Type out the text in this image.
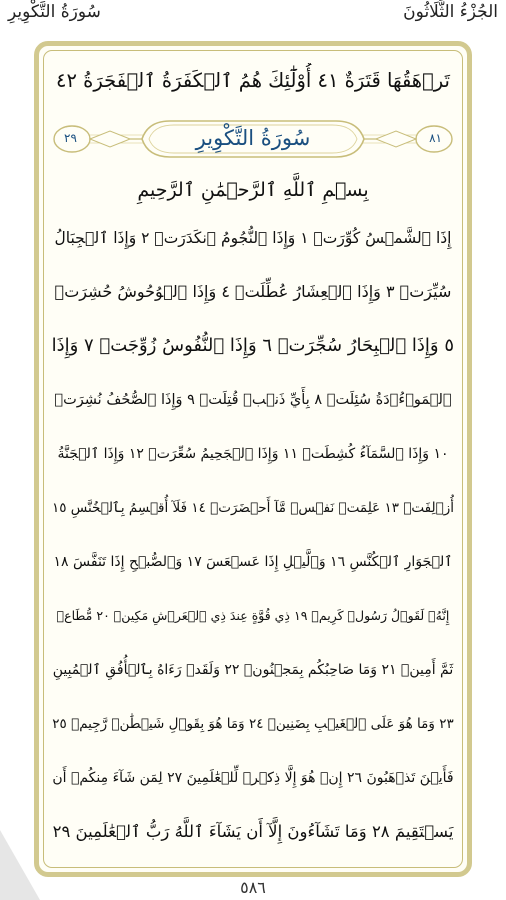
سُورَةُ التَّكْوِيرِ	الجُزْءُ الثَّلَاثُونَ
تَرۡهَقُهَا قَتَرَةٌ ٤١ أُوْلَٰٓئِكَ هُمُ ٱلۡكَفَرَةُ ٱلۡفَجَرَةُ ٤٢
٢٩	سُورَةُ التَّكْوِيرِ	٨١
بِسۡمِ ٱللَّهِ ٱلرَّحۡمَٰنِ ٱلرَّحِيمِ
إِذَا ٱلشَّمۡسُ كُوِّرَتۡ ١ وَإِذَا ٱلنُّجُومُ ٱنكَدَرَتۡ ٢ وَإِذَا ٱلۡجِبَالُ
سُيِّرَتۡ ٣ وَإِذَا ٱلۡعِشَارُ عُطِّلَتۡ ٤ وَإِذَا ٱلۡوُحُوشُ حُشِرَتۡ
٥ وَإِذَا ٱلۡبِحَارُ سُجِّرَتۡ ٦ وَإِذَا ٱلنُّفُوسُ زُوِّجَتۡ ٧ وَإِذَا
ٱلۡمَوۡءُۥدَةُ سُئِلَتۡ ٨ بِأَيِّ ذَنۢبٖ قُتِلَتۡ ٩ وَإِذَا ٱلصُّحُفُ نُشِرَتۡ
١٠ وَإِذَا ٱلسَّمَآءُ كُشِطَتۡ ١١ وَإِذَا ٱلۡجَحِيمُ سُعِّرَتۡ ١٢ وَإِذَا ٱلۡجَنَّةُ
أُزۡلِفَتۡ ١٣ عَلِمَتۡ نَفۡسٞ مَّآ أَحۡضَرَتۡ ١٤ فَلَآ أُقۡسِمُ بِٱلۡخُنَّسِ ١٥
ٱلۡجَوَارِ ٱلۡكُنَّسِ ١٦ وَٱلَّيۡلِ إِذَا عَسۡعَسَ ١٧ وَٱلصُّبۡحِ إِذَا تَنَفَّسَ ١٨
إِنَّهُۥ لَقَوۡلُ رَسُولٖ كَرِيمٖ ١٩ ذِي قُوَّةٍ عِندَ ذِي ٱلۡعَرۡشِ مَكِينٖ ٢٠ مُّطَاعٖ
ثَمَّ أَمِينٖ ٢١ وَمَا صَاحِبُكُم بِمَجۡنُونٖ ٢٢ وَلَقَدۡ رَءَاهُ بِٱلۡأُفُقِ ٱلۡمُبِينِ
٢٣ وَمَا هُوَ عَلَى ٱلۡغَيۡبِ بِضَنِينٖ ٢٤ وَمَا هُوَ بِقَوۡلِ شَيۡطَٰنٖ رَّجِيمٖ ٢٥
فَأَيۡنَ تَذۡهَبُونَ ٢٦ إِنۡ هُوَ إِلَّا ذِكۡرٞ لِّلۡعَٰلَمِينَ ٢٧ لِمَن شَآءَ مِنكُمۡ أَن
يَسۡتَقِيمَ ٢٨ وَمَا تَشَآءُونَ إِلَّآ أَن يَشَآءَ ٱللَّهُ رَبُّ ٱلۡعَٰلَمِينَ ٢٩
٥٨٦
